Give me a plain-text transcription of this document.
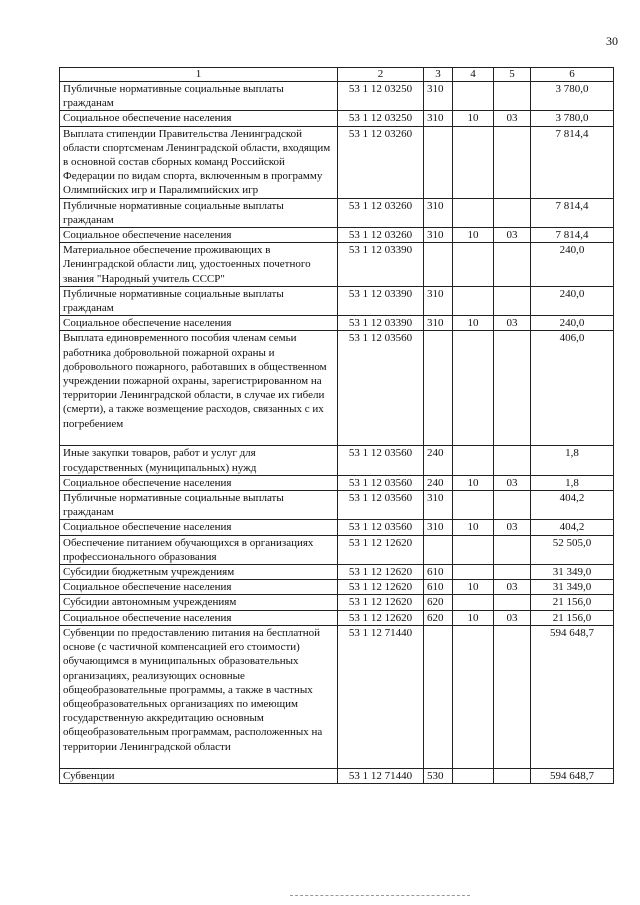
30
1	2	3	4	5	6
Публичные нормативные социальные выплаты гражданам	53 1 12 03250	310			3 780,0
Социальное обеспечение населения	53 1 12 03250	310	10	03	3 780,0
Выплата стипендии Правительства Ленинградской области спортсменам Ленинградской области, входящим в основной состав сборных команд Российской Федерации по видам спорта, включенным в программу Олимпийских игр и Паралимпийских игр	53 1 12 03260				7 814,4
Публичные нормативные социальные выплаты гражданам	53 1 12 03260	310			7 814,4
Социальное обеспечение населения	53 1 12 03260	310	10	03	7 814,4
Материальное обеспечение проживающих в Ленинградской области лиц, удостоенных почетного звания "Народный учитель СССР"	53 1 12 03390				240,0
Публичные нормативные социальные выплаты гражданам	53 1 12 03390	310			240,0
Социальное обеспечение населения	53 1 12 03390	310	10	03	240,0
Выплата единовременного пособия членам семьи работника добровольной пожарной охраны и добровольного пожарного, работавших в общественном учреждении пожарной охраны, зарегистрированном на территории Ленинградской области, в случае их гибели (смерти), а также возмещение расходов, связанных с их погребением	53 1 12 03560				406,0
Иные закупки товаров, работ и услуг для государственных (муниципальных) нужд	53 1 12 03560	240			1,8
Социальное обеспечение населения	53 1 12 03560	240	10	03	1,8
Публичные нормативные социальные выплаты гражданам	53 1 12 03560	310			404,2
Социальное обеспечение населения	53 1 12 03560	310	10	03	404,2
Обеспечение питанием обучающихся в организациях профессионального образования	53 1 12 12620				52 505,0
Субсидии бюджетным учреждениям	53 1 12 12620	610			31 349,0
Социальное обеспечение населения	53 1 12 12620	610	10	03	31 349,0
Субсидии автономным учреждениям	53 1 12 12620	620			21 156,0
Социальное обеспечение населения	53 1 12 12620	620	10	03	21 156,0
Субвенции по предоставлению питания на бесплатной основе (с частичной компенсацией его стоимости) обучающимся в муниципальных образовательных организациях, реализующих основные общеобразовательные программы, а также в частных общеобразовательных организациях по имеющим государственную аккредитацию основным общеобразовательным программам, расположенных на территории Ленинградской области	53 1 12 71440				594 648,7
Субвенции	53 1 12 71440	530			594 648,7
